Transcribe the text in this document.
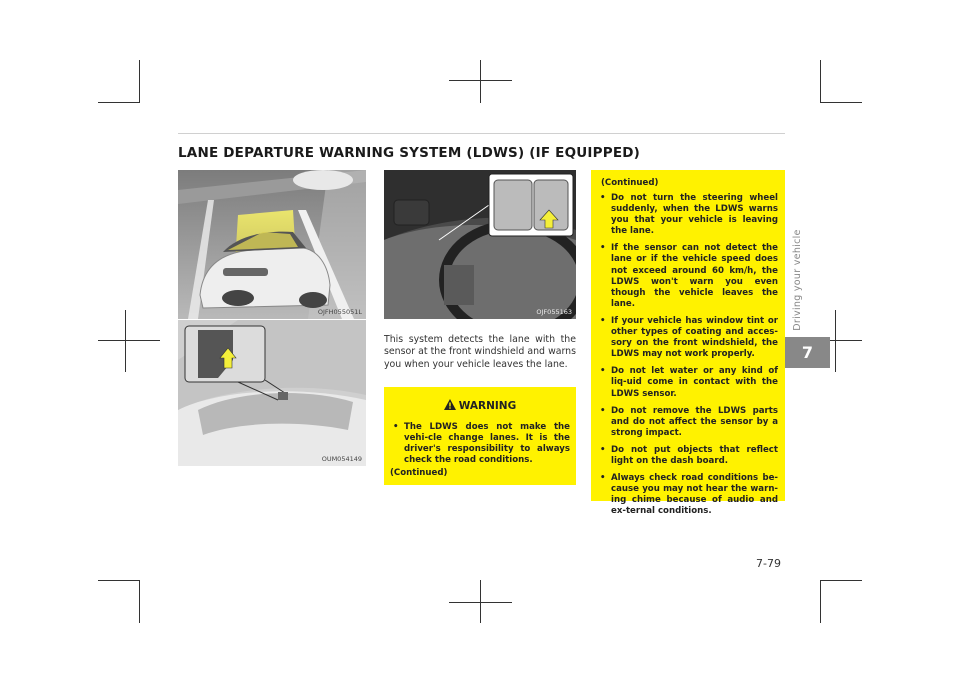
LANE DEPARTURE WARNING SYSTEM (LDWS) (IF EQUIPPED)
OJFH055051L
OUM054149
OJF055163
This system detects the lane with the sensor at the front windshield and warns you when your vehicle leaves the lane.
WARNING
• The LDWS does not make the vehi-cle change lanes. It is the driver's responsibility to always check the road conditions.
(Continued)
(Continued)
• Do not turn the steering wheel suddenly, when the LDWS warns you that your vehicle is leaving the lane.
• If the sensor can not detect the lane or if the vehicle speed does not exceed around 60 km/h, the LDWS won't warn you even though the vehicle leaves the lane.
• If your vehicle has window tint or other types of coating and acces-sory on the front windshield, the LDWS may not work properly.
• Do not let water or any kind of liq-uid come in contact with the LDWS sensor.
• Do not remove the LDWS parts and do not affect the sensor by a strong impact.
• Do not put objects that reflect light on the dash board.
• Always check road conditions be-cause you may not hear the warn-ing chime because of audio and ex-ternal conditions.
Driving your vehicle
7
7-79
